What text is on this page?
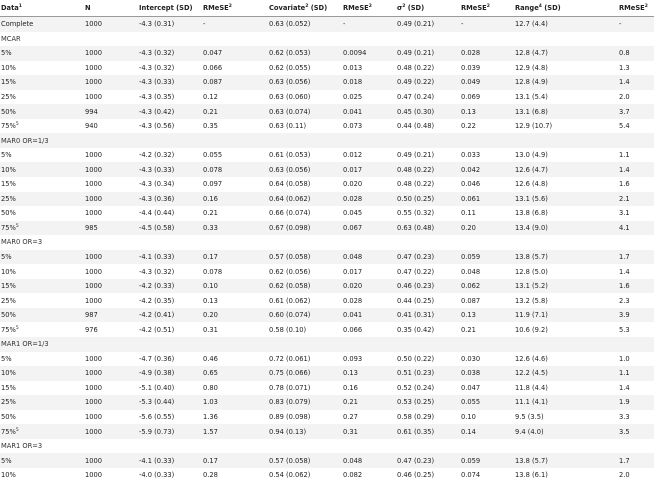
Data$^1$	N	Intercept (SD)	RMeSE$^2$	Covariate$^2$ (SD)	RMeSE$^2$	$\sigma^2$ (SD)	RMeSE$^2$	Range$^4$ (SD)	RMeSE$^2$
Complete	1000	-4.3 (0.31)	-	0.63 (0.052)	-	0.49 (0.21)	-	12.7 (4.4)	-
MCAR									
5%	1000	-4.3 (0.32)	0.047	0.62 (0.053)	0.0094	0.49 (0.21)	0.028	12.8 (4.7)	0.8
10%	1000	-4.3 (0.32)	0.066	0.62 (0.055)	0.013	0.48 (0.22)	0.039	12.9 (4.8)	1.3
15%	1000	-4.3 (0.33)	0.087	0.63 (0.056)	0.018	0.49 (0.22)	0.049	12.8 (4.9)	1.4
25%	1000	-4.3 (0.35)	0.12	0.63 (0.060)	0.025	0.47 (0.24)	0.069	13.1 (5.4)	2.0
50%	994	-4.3 (0.42)	0.21	0.63 (0.074)	0.041	0.45 (0.30)	0.13	13.1 (6.8)	3.7
75%$^5$	940	-4.3 (0.56)	0.35	0.63 (0.11)	0.073	0.44 (0.48)	0.22	12.9 (10.7)	5.4
MAR0 OR=1/3									
5%	1000	-4.2 (0.32)	0.055	0.61 (0.053)	0.012	0.49 (0.21)	0.033	13.0 (4.9)	1.1
10%	1000	-4.3 (0.33)	0.078	0.63 (0.056)	0.017	0.48 (0.22)	0.042	12.6 (4.7)	1.4
15%	1000	-4.3 (0.34)	0.097	0.64 (0.058)	0.020	0.48 (0.22)	0.046	12.6 (4.8)	1.6
25%	1000	-4.3 (0.36)	0.16	0.64 (0.062)	0.028	0.50 (0.25)	0.061	13.1 (5.6)	2.1
50%	1000	-4.4 (0.44)	0.21	0.66 (0.074)	0.045	0.55 (0.32)	0.11	13.8 (6.8)	3.1
75%$^5$	985	-4.5 (0.58)	0.33	0.67 (0.098)	0.067	0.63 (0.48)	0.20	13.4 (9.0)	4.1
MAR0 OR=3									
5%	1000	-4.1 (0.33)	0.17	0.57 (0.058)	0.048	0.47 (0.23)	0.059	13.8 (5.7)	1.7
10%	1000	-4.3 (0.32)	0.078	0.62 (0.056)	0.017	0.47 (0.22)	0.048	12.8 (5.0)	1.4
15%	1000	-4.2 (0.33)	0.10	0.62 (0.058)	0.020	0.46 (0.23)	0.062	13.1 (5.2)	1.6
25%	1000	-4.2 (0.35)	0.13	0.61 (0.062)	0.028	0.44 (0.25)	0.087	13.2 (5.8)	2.3
50%	987	-4.2 (0.41)	0.20	0.60 (0.074)	0.041	0.41 (0.31)	0.13	11.9 (7.1)	3.9
75%$^5$	976	-4.2 (0.51)	0.31	0.58 (0.10)	0.066	0.35 (0.42)	0.21	10.6 (9.2)	5.3
MAR1 OR=1/3									
5%	1000	-4.7 (0.36)	0.46	0.72 (0.061)	0.093	0.50 (0.22)	0.030	12.6 (4.6)	1.0
10%	1000	-4.9 (0.38)	0.65	0.75 (0.066)	0.13	0.51 (0.23)	0.038	12.2 (4.5)	1.1
15%	1000	-5.1 (0.40)	0.80	0.78 (0.071)	0.16	0.52 (0.24)	0.047	11.8 (4.4)	1.4
25%	1000	-5.3 (0.44)	1.03	0.83 (0.079)	0.21	0.53 (0.25)	0.055	11.1 (4.1)	1.9
50%	1000	-5.6 (0.55)	1.36	0.89 (0.098)	0.27	0.58 (0.29)	0.10	9.5 (3.5)	3.3
75%$^5$	1000	-5.9 (0.73)	1.57	0.94 (0.13)	0.31	0.61 (0.35)	0.14	9.4 (4.0)	3.5
MAR1 OR=3									
5%	1000	-4.1 (0.33)	0.17	0.57 (0.058)	0.048	0.47 (0.23)	0.059	13.8 (5.7)	1.7
10%	1000	-4.0 (0.33)	0.28	0.54 (0.062)	0.082	0.46 (0.25)	0.074	13.8 (6.1)	2.0
